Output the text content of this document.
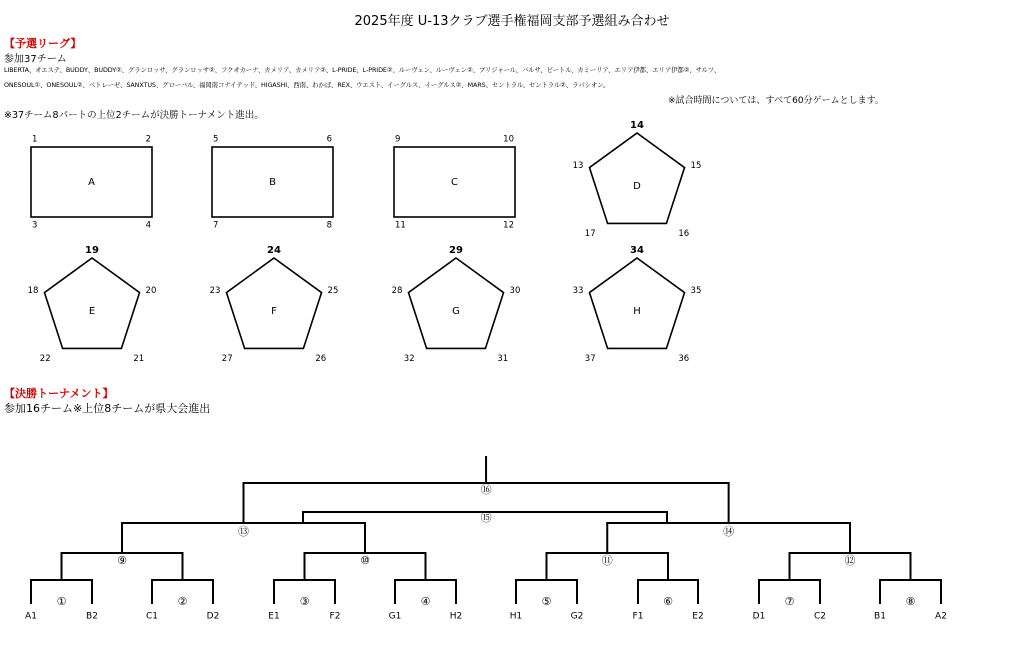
2025年度 U-13クラブ選手権福岡支部予選組み合わせ
【予選リーグ】
参加37チーム
LIBERTA、オエステ、BUDDY、BUDDY②、グランロッサ、グランロッサ②、フクオカーナ、カメリア、カメリア②、L-PRIDE、L-PRIDE②、ルーヴェン、ルーヴェン②、ブリジャール、バルサ、ビートル、カミーリア、エリア伊都、エリア伊都②、サルツ、
ONESOUL①、ONESOUL②、ベトレーゼ、SANXTUS、グローバル、福岡南コナイテッド、HIGASHI、西南、わかば、REX、ウエスト、イーグルス、イーグルス②、MARS、セントラル、セントラル②、ラパシオン。
※試合時間については、すべて60分ゲームとします。
※37チーム8パートの上位2チームが決勝トーナメント進出。
【決勝トーナメント】
参加16チーム※上位8チームが県大会進出
A
1	2
3	4
B
5	6
7	8
C
9	10
11	12
D
14
15
16
17
13
E
19
20
21
22
18
F
24
25
26
27
23
G
29
30
31
32
28
H
34
35
36
37
33
①	②	③	④	⑤	⑥	⑦	⑧
⑨	⑩	⑪	⑫
⑬	⑭
⑯
⑮
A1	B2	C1	D2	E1	F2	G1	H2	H1	G2	F1	E2	D1	C2	B1	A2
